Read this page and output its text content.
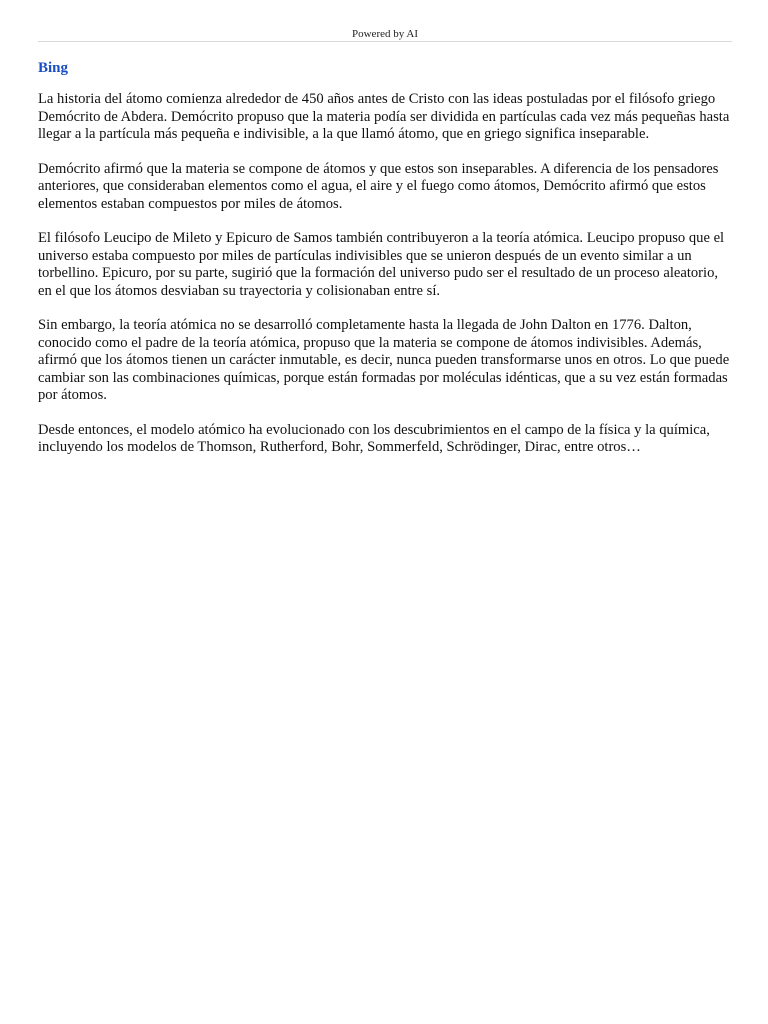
Powered by AI
Bing

La historia del átomo comienza alrededor de 450 años antes de Cristo con las ideas postuladas por el filósofo griego Demócrito de Abdera. Demócrito propuso que la materia podía ser dividida en partículas cada vez más pequeñas hasta llegar a la partícula más pequeña e indivisible, a la que llamó átomo, que en griego significa inseparable.

Demócrito afirmó que la materia se compone de átomos y que estos son inseparables. A diferencia de los pensadores anteriores, que consideraban elementos como el agua, el aire y el fuego como átomos, Demócrito afirmó que estos elementos estaban compuestos por miles de átomos.

El filósofo Leucipo de Mileto y Epicuro de Samos también contribuyeron a la teoría atómica. Leucipo propuso que el universo estaba compuesto por miles de partículas indivisibles que se unieron después de un evento similar a un torbellino. Epicuro, por su parte, sugirió que la formación del universo pudo ser el resultado de un proceso aleatorio, en el que los átomos desviaban su trayectoria y colisionaban entre sí.

Sin embargo, la teoría atómica no se desarrolló completamente hasta la llegada de John Dalton en 1776. Dalton, conocido como el padre de la teoría atómica, propuso que la materia se compone de átomos indivisibles. Además, afirmó que los átomos tienen un carácter inmutable, es decir, nunca pueden transformarse unos en otros. Lo que puede cambiar son las combinaciones químicas, porque están formadas por moléculas idénticas, que a su vez están formadas por átomos.

Desde entonces, el modelo atómico ha evolucionado con los descubrimientos en el campo de la física y la química, incluyendo los modelos de Thomson, Rutherford, Bohr, Sommerfeld, Schrödinger, Dirac, entre otros…
